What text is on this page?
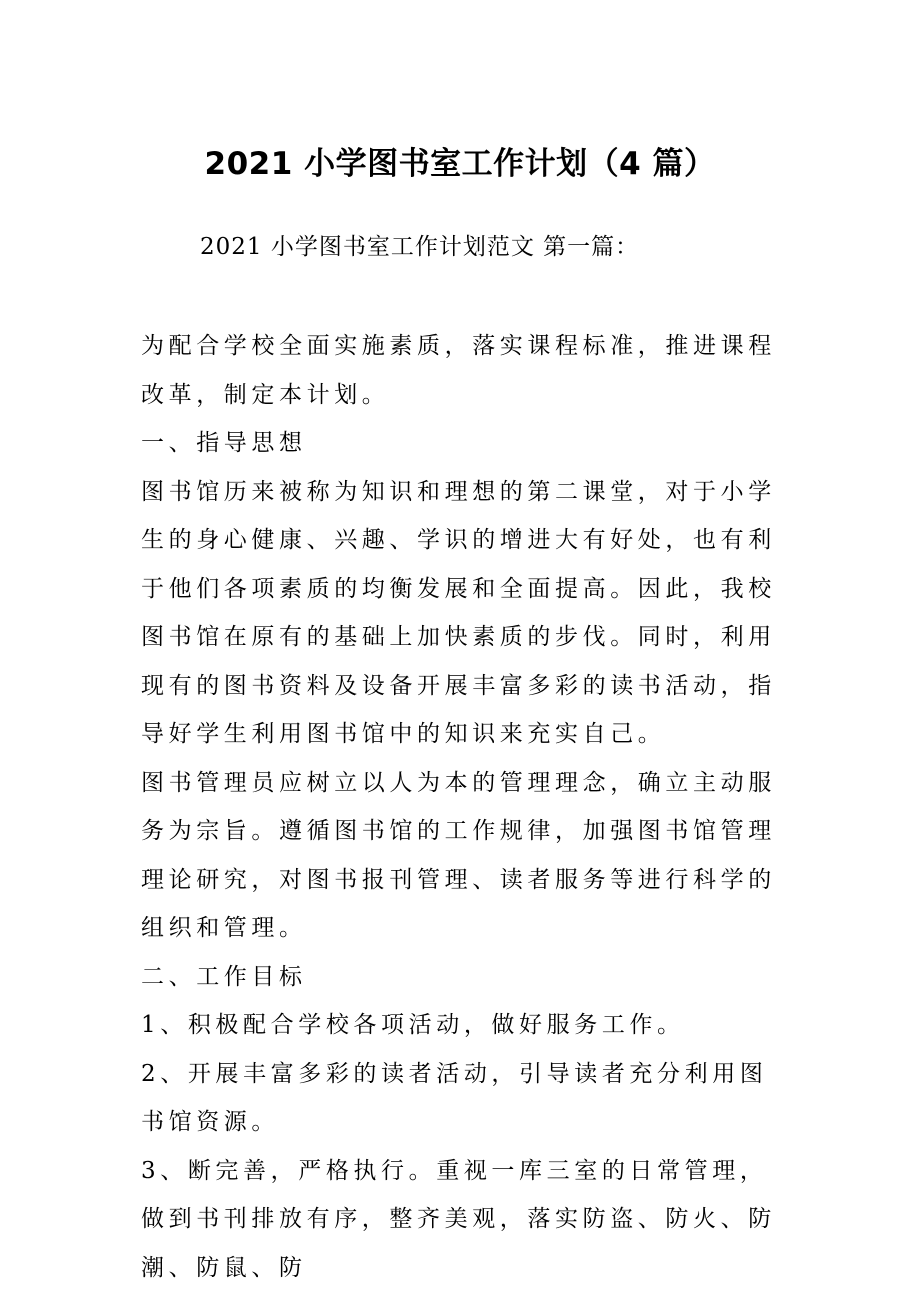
2021 小学图书室工作计划（4 篇）
2021 小学图书室工作计划范文 第一篇：

为配合学校全面实施素质，落实课程标准，推进课程改革，制定本计划。

一、指导思想

图书馆历来被称为知识和理想的第二课堂，对于小学生的身心健康、兴趣、学识的增进大有好处，也有利于他们各项素质的均衡发展和全面提高。因此，我校图书馆在原有的基础上加快素质的步伐。同时，利用现有的图书资料及设备开展丰富多彩的读书活动，指导好学生利用图书馆中的知识来充实自己。

图书管理员应树立以人为本的管理理念，确立主动服务为宗旨。遵循图书馆的工作规律，加强图书馆管理理论研究，对图书报刊管理、读者服务等进行科学的组织和管理。

二、工作目标

1、积极配合学校各项活动，做好服务工作。

2、开展丰富多彩的读者活动，引导读者充分利用图书馆资源。

3、断完善，严格执行。重视一库三室的日常管理，做到书刊排放有序，整齐美观，落实防盗、防火、防潮、防鼠、防
